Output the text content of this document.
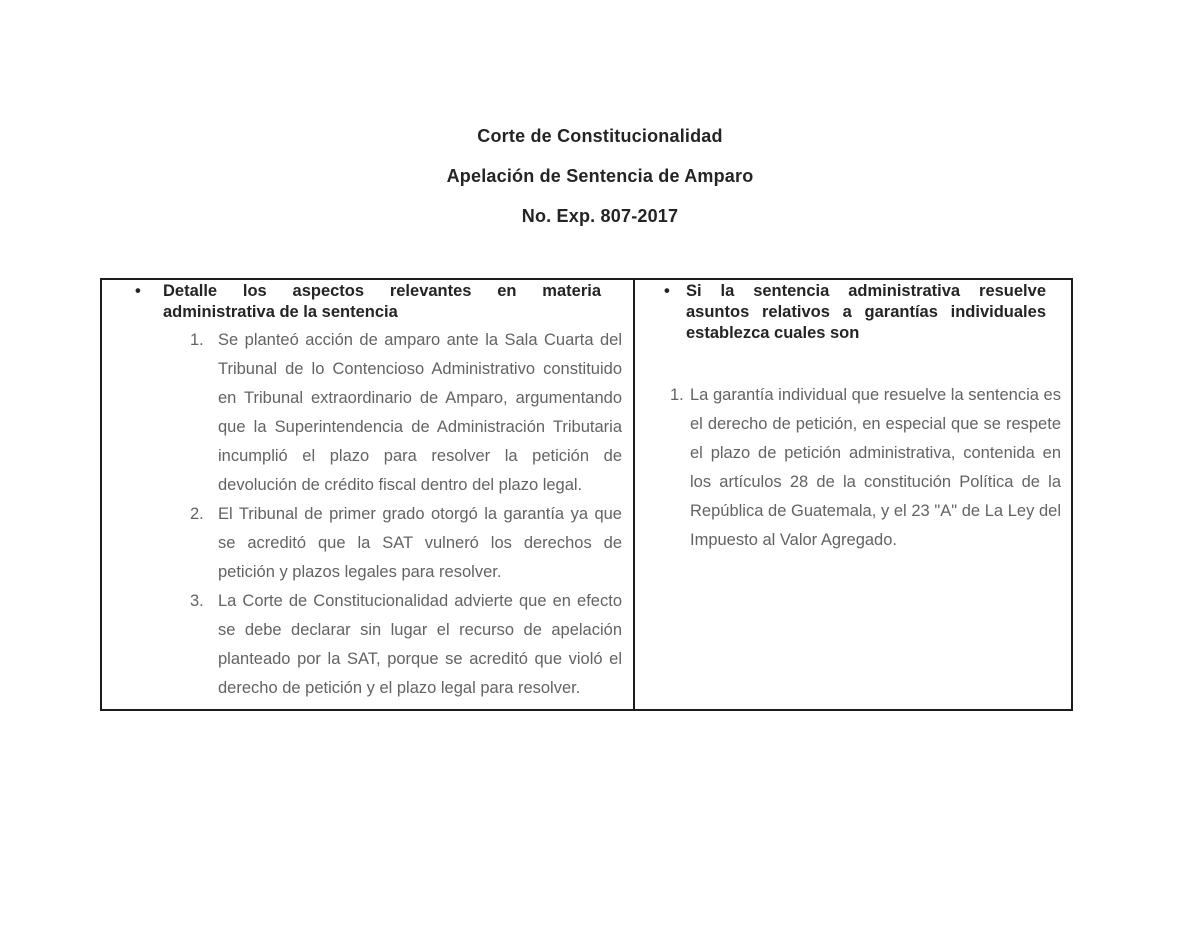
Corte de Constitucionalidad
Apelación de Sentencia de Amparo
No. Exp. 807-2017
•	Detalle los aspectos relevantes en materia administrativa de la sentencia
1. Se planteó acción de amparo ante la Sala Cuarta del Tribunal de lo Contencioso Administrativo constituido en Tribunal extraordinario de Amparo, argumentando que la Superintendencia de Administración Tributaria incumplió el plazo para resolver la petición de devolución de crédito fiscal dentro del plazo legal.
2. El Tribunal de primer grado otorgó la garantía ya que se acreditó que la SAT vulneró los derechos de petición y plazos legales para resolver.
3. La Corte de Constitucionalidad advierte que en efecto se debe declarar sin lugar el recurso de apelación planteado por la SAT, porque se acreditó que violó el derecho de petición y el plazo legal para resolver.
• Si la sentencia administrativa resuelve asuntos relativos a garantías individuales establezca cuales son
1. La garantía individual que resuelve la sentencia es el derecho de petición, en especial que se respete el plazo de petición administrativa, contenida en los artículos 28 de la constitución Política de la República de Guatemala, y el 23 "A" de La Ley del Impuesto al Valor Agregado.
